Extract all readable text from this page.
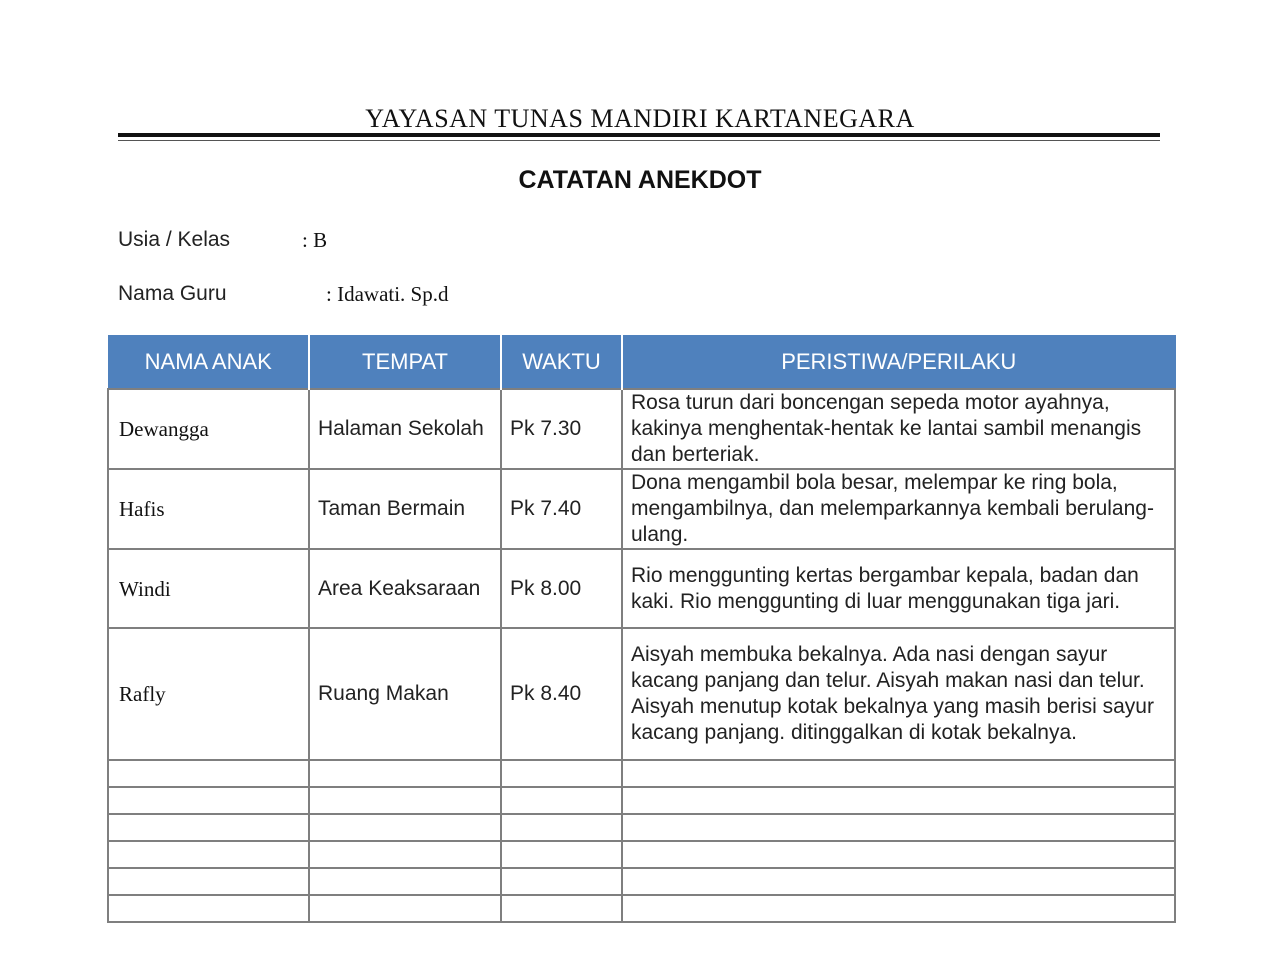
YAYASAN TUNAS MANDIRI KARTANEGARA
CATATAN ANEKDOT
Usia / Kelas	: B
Nama Guru	: Idawati. Sp.d
NAMA ANAK	TEMPAT	WAKTU	PERISTIWA/PERILAKU
Dewangga	Halaman Sekolah	Pk 7.30	Rosa turun dari boncengan sepeda motor ayahnya, kakinya menghentak-hentak ke lantai sambil menangis dan berteriak.
Hafis	Taman Bermain	Pk 7.40	Dona mengambil bola besar, melempar ke ring bola, mengambilnya, dan melemparkannya kembali berulang- ulang.
Windi	Area Keaksaraan	Pk 8.00	Rio menggunting kertas bergambar kepala, badan dan kaki. Rio menggunting di luar menggunakan tiga jari.
Rafly	Ruang Makan	Pk 8.40	Aisyah membuka bekalnya. Ada nasi dengan sayur kacang panjang dan telur. Aisyah makan nasi dan telur. Aisyah menutup kotak bekalnya yang masih berisi sayur kacang panjang. ditinggalkan di kotak bekalnya.
